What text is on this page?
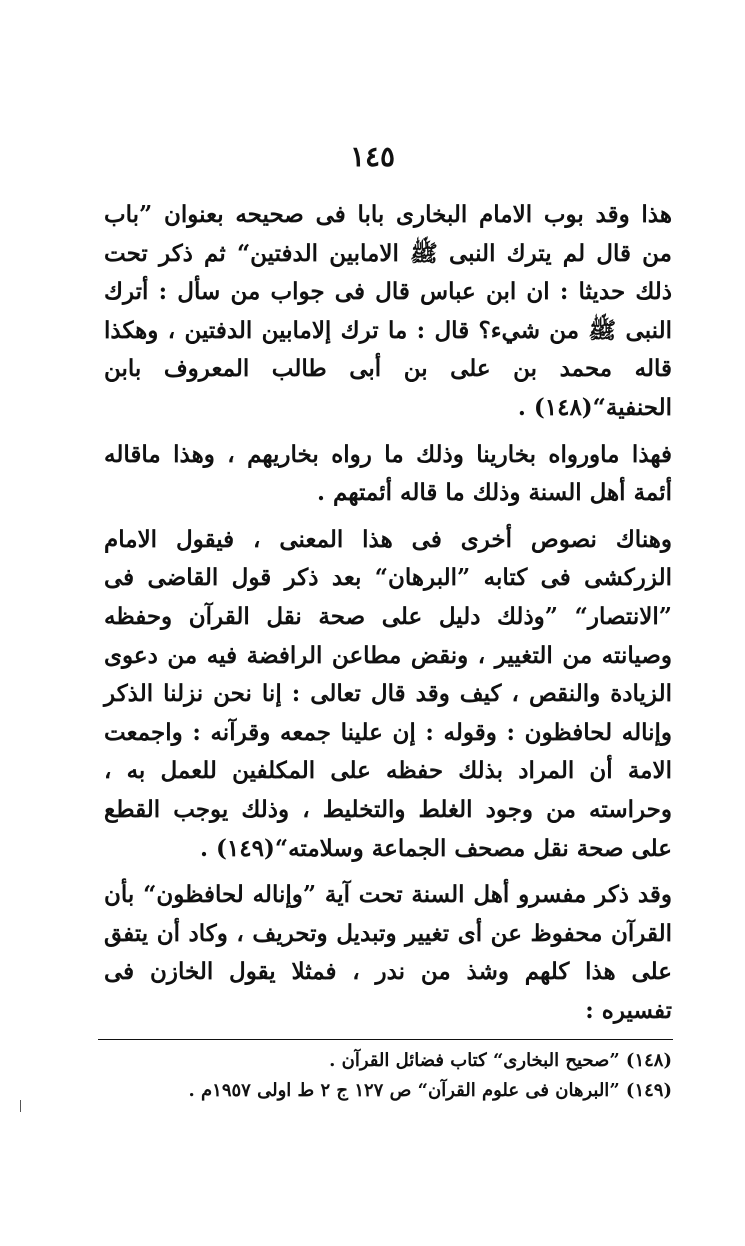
١٤٥

هذا وقد بوب الامام البخارى بابا فى صحيحه بعنوان ”باب من قال لم يترك النبى ﷺ الامابين الدفتين“ ثم ذكر تحت ذلك حديثا : ان ابن عباس قال فى جواب من سأل : أترك النبى ﷺ من شيء؟ قال : ما ترك إلامابين الدفتين ، وهكذا قاله محمد بن على بن أبى طالب المعروف بابن الحنفية“(١٤٨) .

فهذا ماورواه بخارينا وذلك ما رواه بخاريهم ، وهذا ماقاله أئمة أهل السنة وذلك ما قاله أئمتهم .

وهناك نصوص أخرى فى هذا المعنى ، فيقول الامام الزركشى فى كتابه ”البرهان“ بعد ذكر قول القاضى فى ”الانتصار“ ”وذلك دليل على صحة نقل القرآن وحفظه وصيانته من التغيير ، ونقض مطاعن الرافضة فيه من دعوى الزيادة والنقص ، كيف وقد قال تعالى : إنا نحن نزلنا الذكر وإناله لحافظون : وقوله : إن علينا جمعه وقرآنه : واجمعت الامة أن المراد بذلك حفظه على المكلفين للعمل به ، وحراسته من وجود الغلط والتخليط ، وذلك يوجب القطع على صحة نقل مصحف الجماعة وسلامته“(١٤٩) .

وقد ذكر مفسرو أهل السنة تحت آية ”وإناله لحافظون“ بأن القرآن محفوظ عن أى تغيير وتبديل وتحريف ، وكاد أن يتفق على هذا كلهم وشذ من ندر ، فمثلا يقول الخازن فى تفسيره :

(١٤٨) ”صحيح البخارى“ كتاب فضائل القرآن .
(١٤٩) ”البرهان فى علوم القرآن“ ص ١٢٧ ج ٢ ط اولى ١٩٥٧م .
